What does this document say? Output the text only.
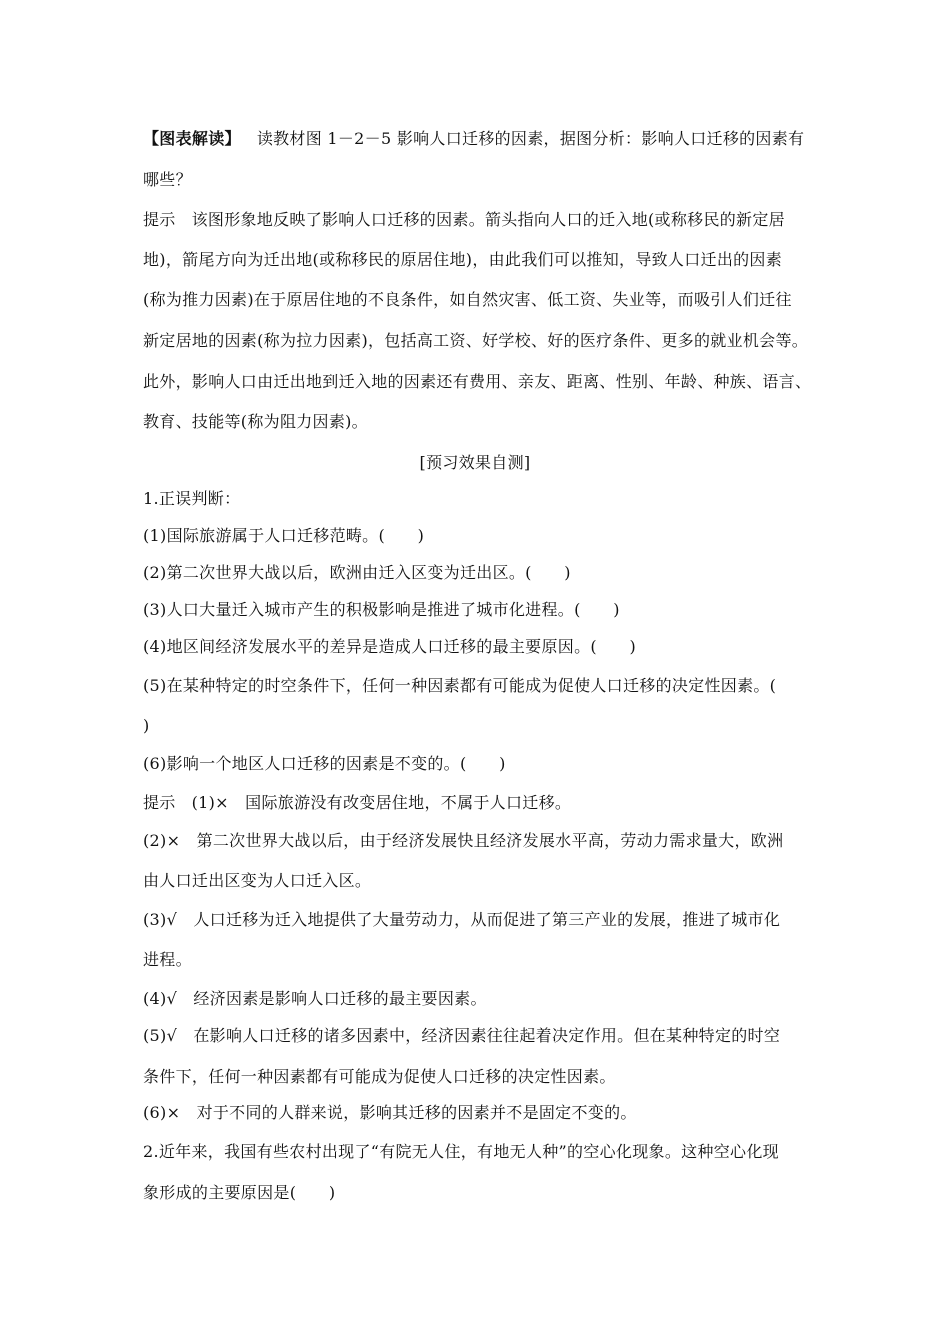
【图表解读】 读教材图 1－2－5 影响人口迁移的因素，据图分析：影响人口迁移的因素有
哪些？
提示 该图形象地反映了影响人口迁移的因素。箭头指向人口的迁入地(或称移民的新定居
地)，箭尾方向为迁出地(或称移民的原居住地)，由此我们可以推知，导致人口迁出的因素
(称为推力因素)在于原居住地的不良条件，如自然灾害、低工资、失业等，而吸引人们迁往
新定居地的因素(称为拉力因素)，包括高工资、好学校、好的医疗条件、更多的就业机会等。
此外，影响人口由迁出地到迁入地的因素还有费用、亲友、距离、性别、年龄、种族、语言、
教育、技能等(称为阻力因素)。
[预习效果自测]
1.正误判断：
(1)国际旅游属于人口迁移范畴。(　　)
(2)第二次世界大战以后，欧洲由迁入区变为迁出区。(　　)
(3)人口大量迁入城市产生的积极影响是推进了城市化进程。(　　)
(4)地区间经济发展水平的差异是造成人口迁移的最主要原因。(　　)
(5)在某种特定的时空条件下，任何一种因素都有可能成为促使人口迁移的决定性因素。(
)
(6)影响一个地区人口迁移的因素是不变的。(　　)
提示 (1)×　国际旅游没有改变居住地，不属于人口迁移。
(2)×　第二次世界大战以后，由于经济发展快且经济发展水平高，劳动力需求量大，欧洲
由人口迁出区变为人口迁入区。
(3)√　人口迁移为迁入地提供了大量劳动力，从而促进了第三产业的发展，推进了城市化
进程。
(4)√　经济因素是影响人口迁移的最主要因素。
(5)√　在影响人口迁移的诸多因素中，经济因素往往起着决定作用。但在某种特定的时空
条件下，任何一种因素都有可能成为促使人口迁移的决定性因素。
(6)×　对于不同的人群来说，影响其迁移的因素并不是固定不变的。
2.近年来，我国有些农村出现了“有院无人住，有地无人种”的空心化现象。这种空心化现
象形成的主要原因是(　　)
